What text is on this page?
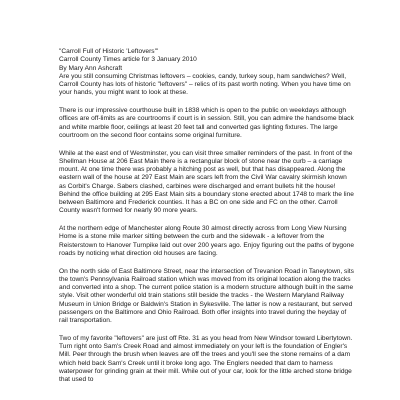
"Carroll Full of Historic 'Leftovers'"
Carroll County Times article for 3 January 2010
By Mary Ann Ashcraft

Are you still consuming Christmas leftovers – cookies, candy, turkey soup, ham sandwiches? Well, Carroll County has lots of historic "leftovers" – relics of its past worth noting. When you have time on your hands, you might want to look at these.

There is our impressive courthouse built in 1838 which is open to the public on weekdays although offices are off-limits as are courtrooms if court is in session. Still, you can admire the handsome black and white marble floor, ceilings at least 20 feet tall and converted gas lighting fixtures. The large courtroom on the second floor contains some original furniture.

While at the east end of Westminster, you can visit three smaller reminders of the past. In front of the Shellman House at 206 East Main there is a rectangular block of stone near the curb – a carriage mount. At one time there was probably a hitching post as well, but that has disappeared. Along the eastern wall of the house at 297 East Main are scars left from the Civil War cavalry skirmish known as Corbit's Charge. Sabers clashed, carbines were discharged and errant bullets hit the house! Behind the office building at 295 East Main sits a boundary stone erected about 1748 to mark the line between Baltimore and Frederick counties. It has a BC on one side and FC on the other. Carroll County wasn't formed for nearly 90 more years.

At the northern edge of Manchester along Route 30 almost directly across from Long View Nursing Home is a stone mile marker sitting between the curb and the sidewalk - a leftover from the Reisterstown to Hanover Turnpike laid out over 200 years ago. Enjoy figuring out the paths of bygone roads by noticing what direction old houses are facing.

On the north side of East Baltimore Street, near the intersection of Trevanion Road in Taneytown, sits the town's Pennsylvania Railroad station which was moved from its original location along the tracks and converted into a shop. The current police station is a modern structure although built in the same style. Visit other wonderful old train stations still beside the tracks - the Western Maryland Railway Museum in Union Bridge or Baldwin's Station in Sykesville. The latter is now a restaurant, but served passengers on the Baltimore and Ohio Railroad. Both offer insights into travel during the heyday of rail transportation.

Two of my favorite "leftovers" are just off Rte. 31 as you head from New Windsor toward Libertytown. Turn right onto Sam's Creek Road and almost immediately on your left is the foundation of Engler's Mill. Peer through the brush when leaves are off the trees and you'll see the stone remains of a dam which held back Sam's Creek until it broke long ago. The Englers needed that dam to harness waterpower for grinding grain at their mill. While out of your car, look for the little arched stone bridge that used to
